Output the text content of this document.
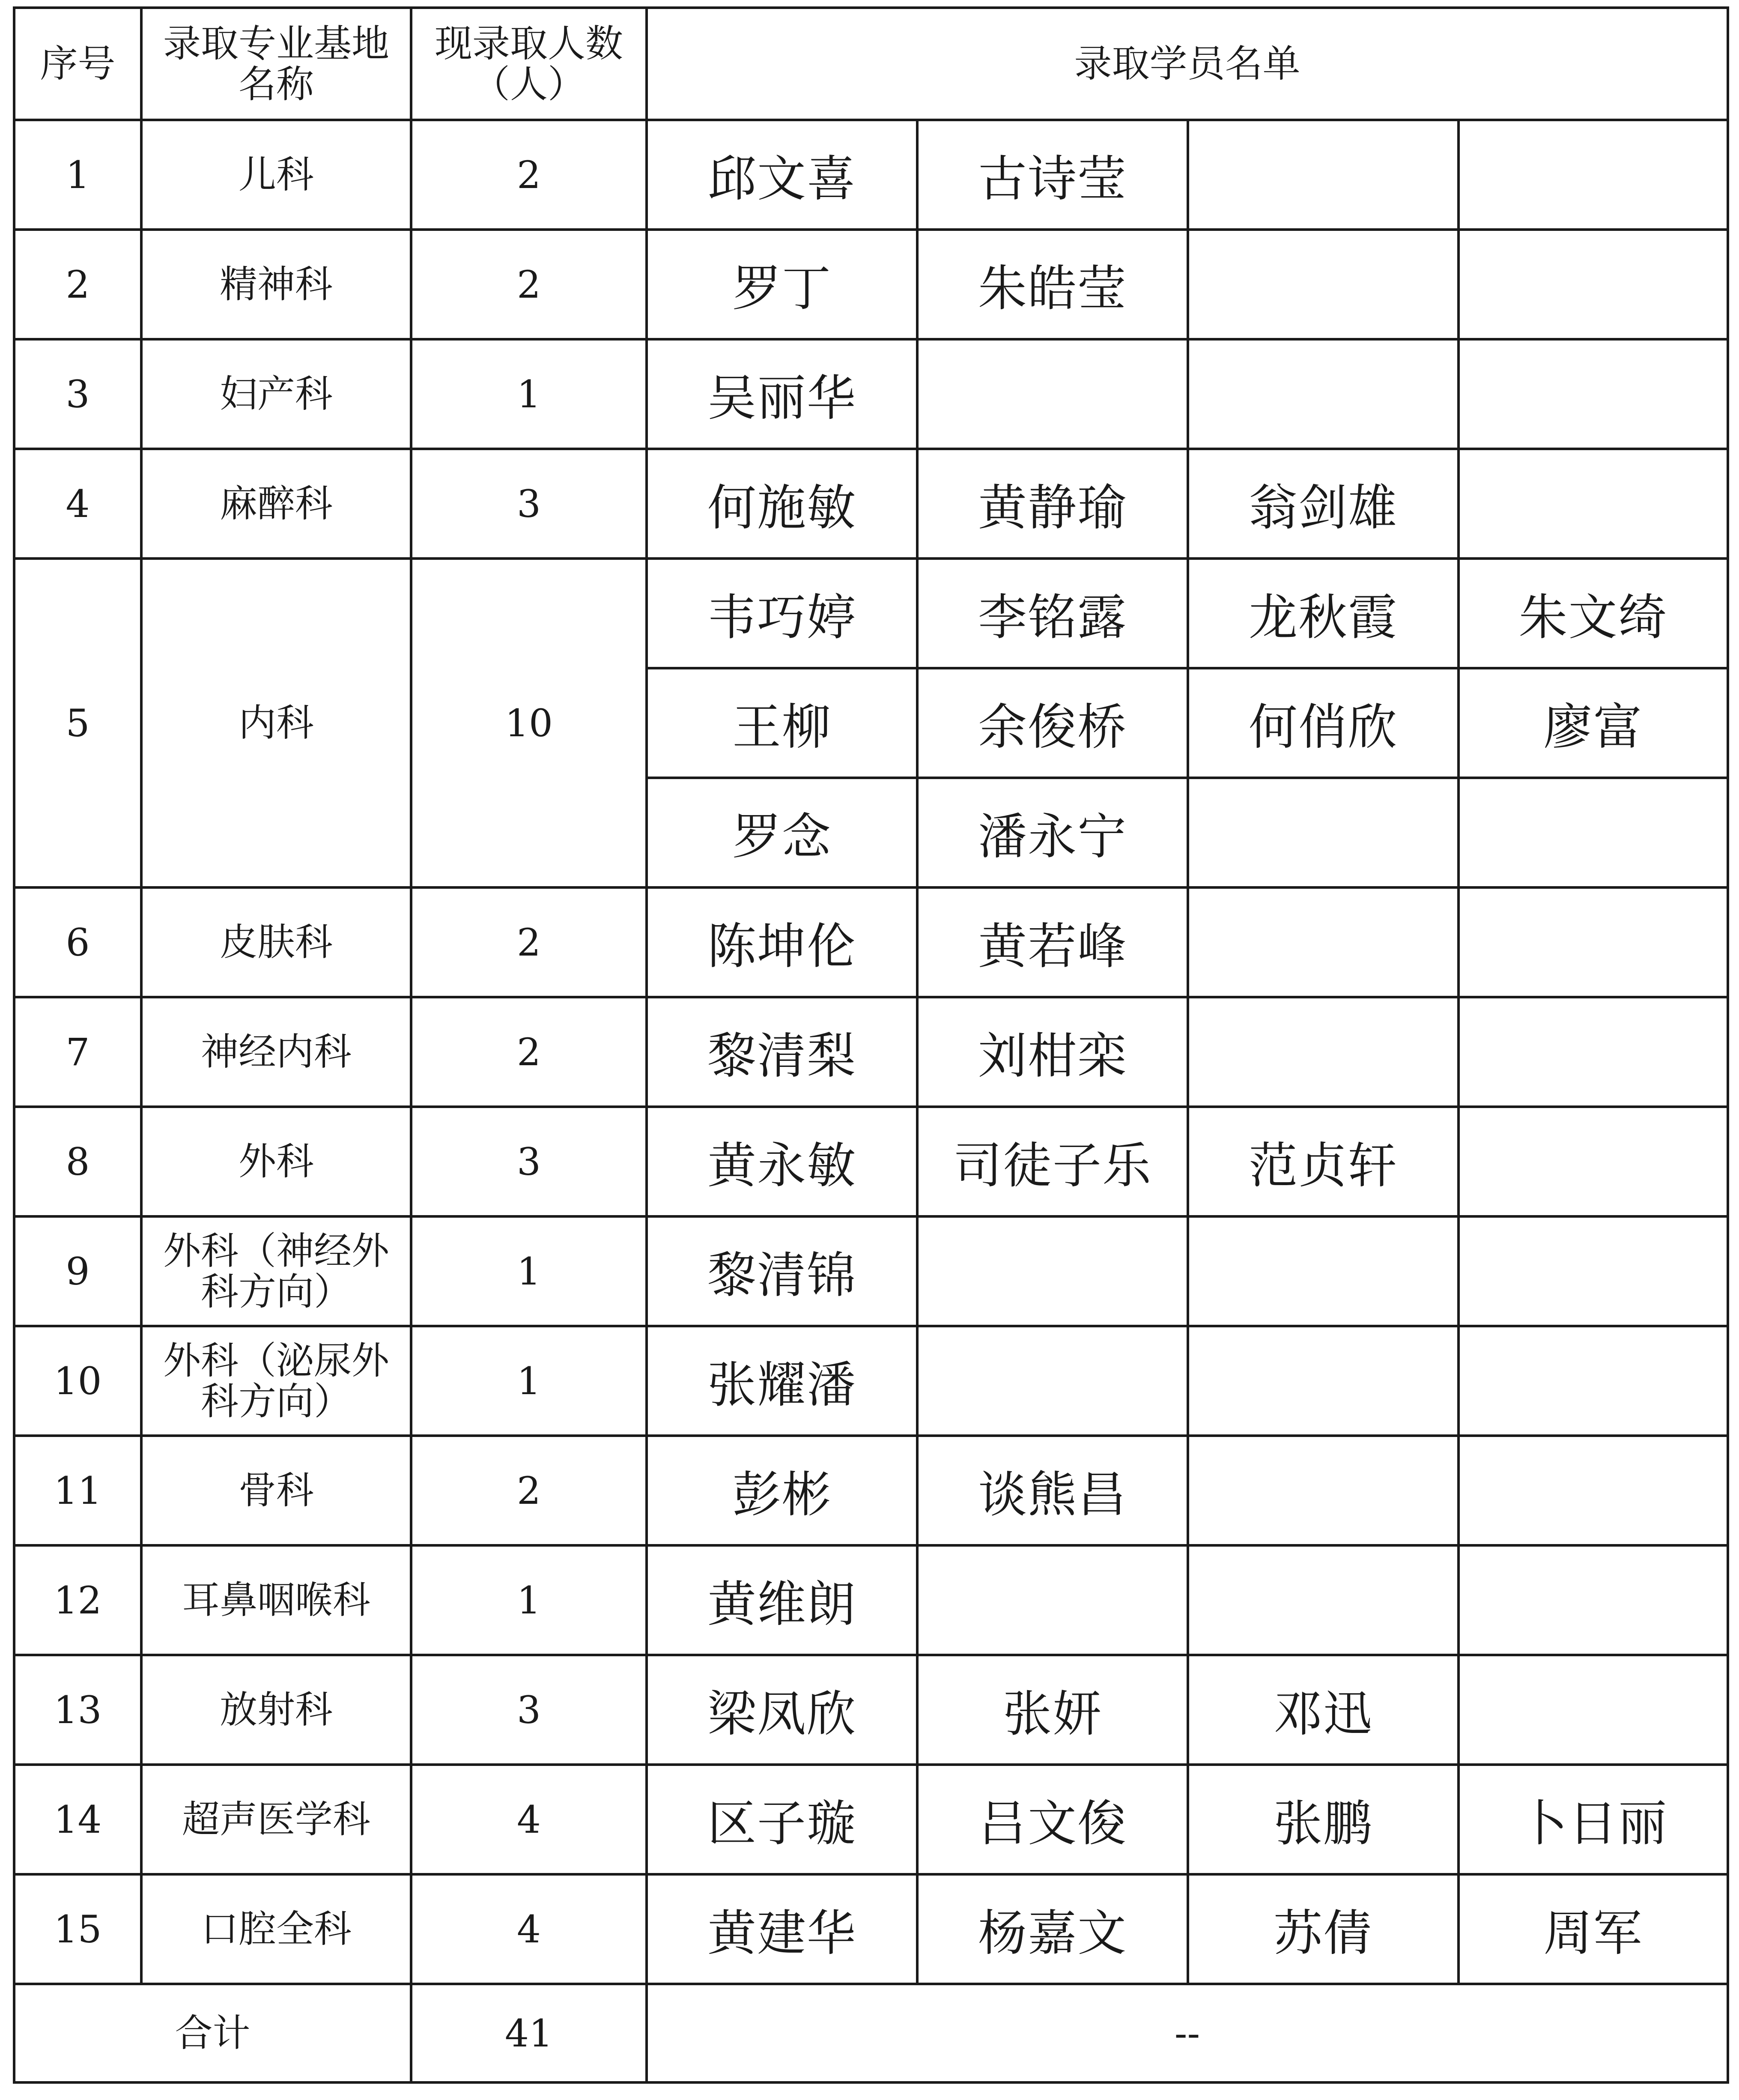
序号	录取专业基地名称	现录取人数（人）	录取学员名单			
1	儿科	2	邱文喜	古诗莹		
2	精神科	2	罗丁	朱皓莹		
3	妇产科	1	吴丽华			
4	麻醉科	3	何施敏	黄静瑜	翁剑雄	
5	内科	10	韦巧婷	李铭露	龙秋霞	朱文绮
			王柳	余俊桥	何俏欣	廖富
			罗念	潘永宁		
6	皮肤科	2	陈坤伦	黄若峰		
7	神经内科	2	黎清梨	刘柑栾		
8	外科	3	黄永敏	司徒子乐	范贞轩	
9	外科（神经外科方向）	1	黎清锦			
10	外科（泌尿外科方向）	1	张耀潘			
11	骨科	2	彭彬	谈熊昌		
12	耳鼻咽喉科	1	黄维朗			
13	放射科	3	梁凤欣	张妍	邓迅	
14	超声医学科	4	区子璇	吕文俊	张鹏	卜日丽
15	口腔全科	4	黄建华	杨嘉文	苏倩	周军
合计		41	--			
